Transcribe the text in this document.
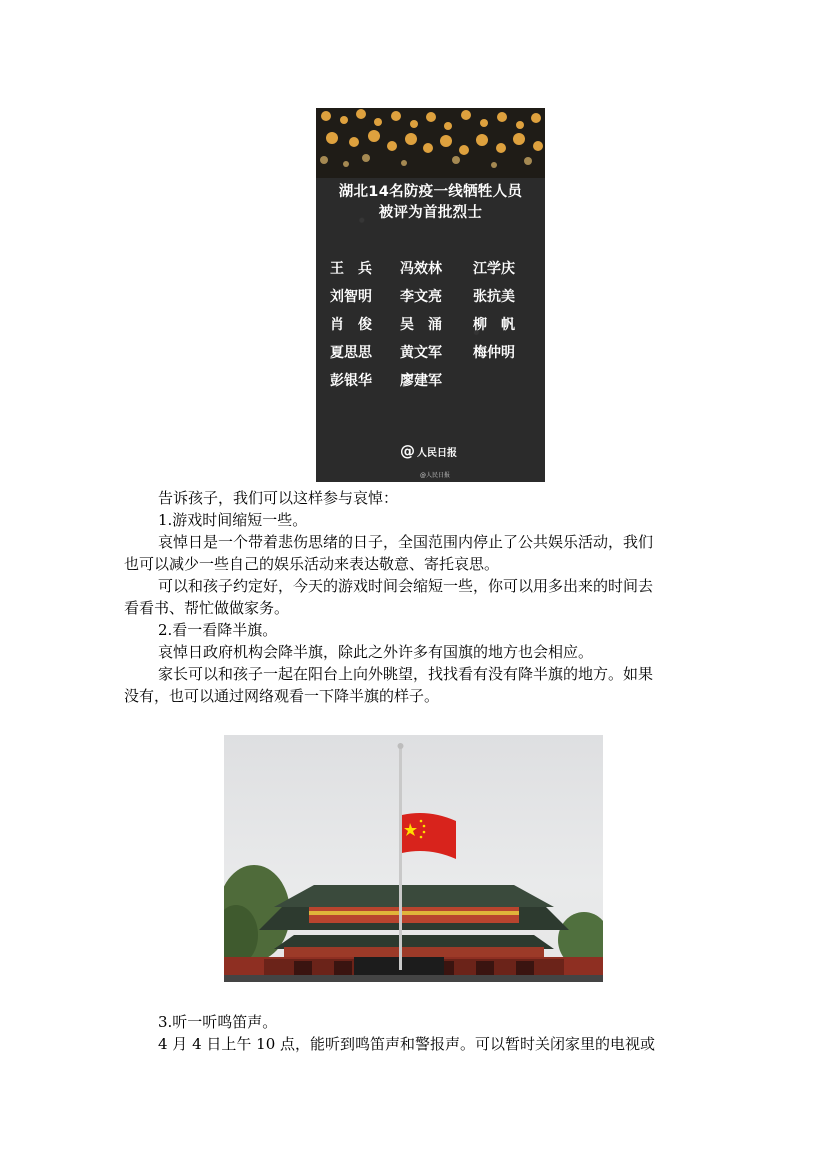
湖北14名防疫一线牺牲人员
被评为首批烈士
王　兵	冯效林	江学庆
刘智明	李文亮	张抗美
肖　俊	吴　涌	柳　帆
夏思思	黄文军	梅仲明
彭银华	廖建军
@ 人民日报
@人民日报
告诉孩子，我们可以这样参与哀悼：
1.游戏时间缩短一些。
哀悼日是一个带着悲伤思绪的日子，全国范围内停止了公共娱乐活动，我们
也可以减少一些自己的娱乐活动来表达敬意、寄托哀思。
可以和孩子约定好，今天的游戏时间会缩短一些，你可以用多出来的时间去
看看书、帮忙做做家务。
2.看一看降半旗。
哀悼日政府机构会降半旗，除此之外许多有国旗的地方也会相应。
家长可以和孩子一起在阳台上向外眺望，找找看有没有降半旗的地方。如果
没有，也可以通过网络观看一下降半旗的样子。
3.听一听鸣笛声。
4 月 4 日上午 10 点，能听到鸣笛声和警报声。可以暂时关闭家里的电视或
